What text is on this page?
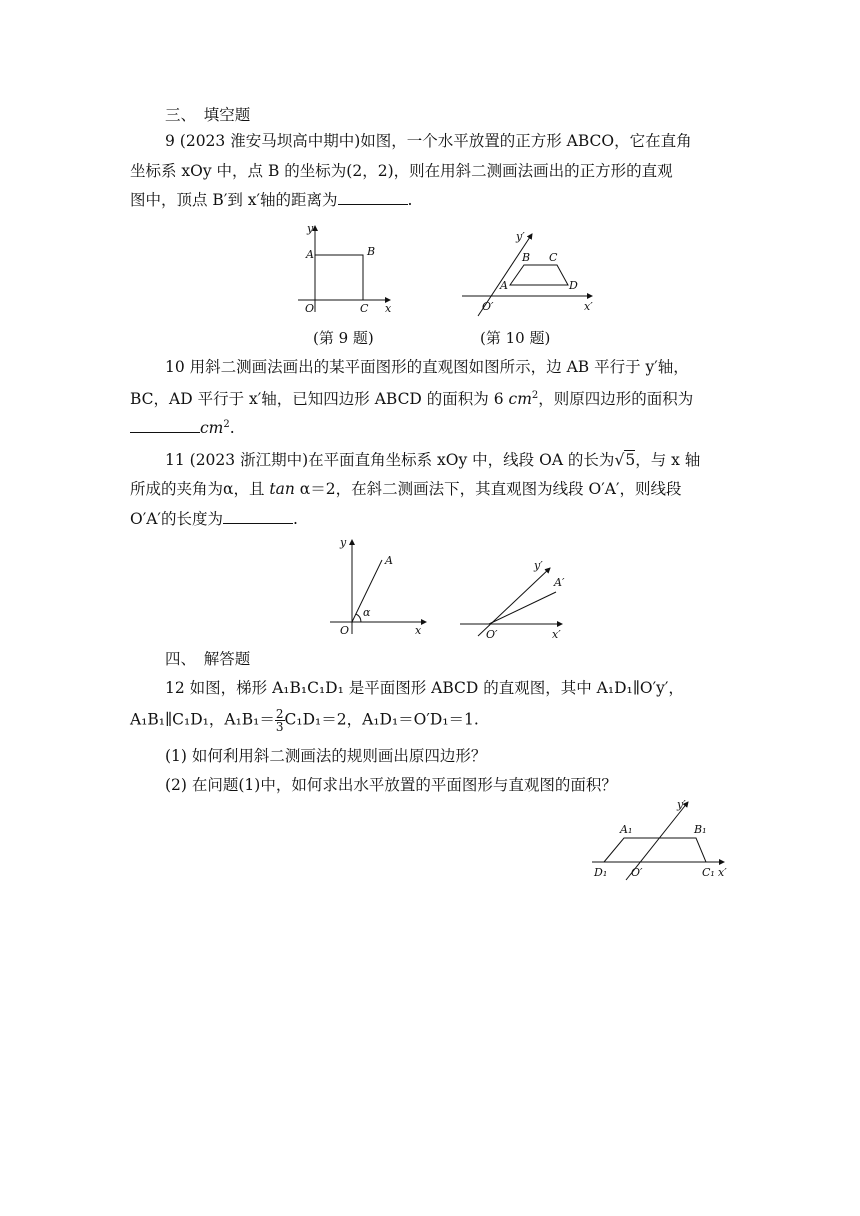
三、　填空题
9 (2023 淮安马坝高中期中)如图，一个水平放置的正方形 ABCO，它在直角
坐标系 xOy 中，点 B 的坐标为(2，2)，则在用斜二测画法画出的正方形的直观
图中，顶点 B′到 x′轴的距离为	.
y
A	B
O	C x
y′
B C
A	D
O′	x′
(第 9 题)	(第 10 题)
10 用斜二测画法画出的某平面图形的直观图如图所示，边 AB 平行于 y′轴，
BC，AD 平行于 x′轴，已知四边形 ABCD 的面积为 6 $cm^2$，则原四边形的面积为
$cm^2$.
11 (2023 浙江期中)在平面直角坐标系 xOy 中，线段 OA 的长为√5，与 x 轴
所成的夹角为α，且 tan α＝2，在斜二测画法下，其直观图为线段 O′A′，则线段
O′A′的长度为	.
y
A
α
O	x
y′
A′
O′	x′
四、　解答题
12 如图，梯形 A₁B₁C₁D₁ 是平面图形 ABCD 的直观图，其中 A₁D₁∥O′y′，
A₁B₁∥C₁D₁，$A_1B_1= \frac{2}{3} C_1D_1=2$，A₁D₁＝O′D₁＝1.
(1) 如何利用斜二测画法的规则画出原四边形？
(2) 在问题(1)中，如何求出水平放置的平面图形与直观图的面积？
y′
A₁	B₁
D₁ O′	C₁ x′
